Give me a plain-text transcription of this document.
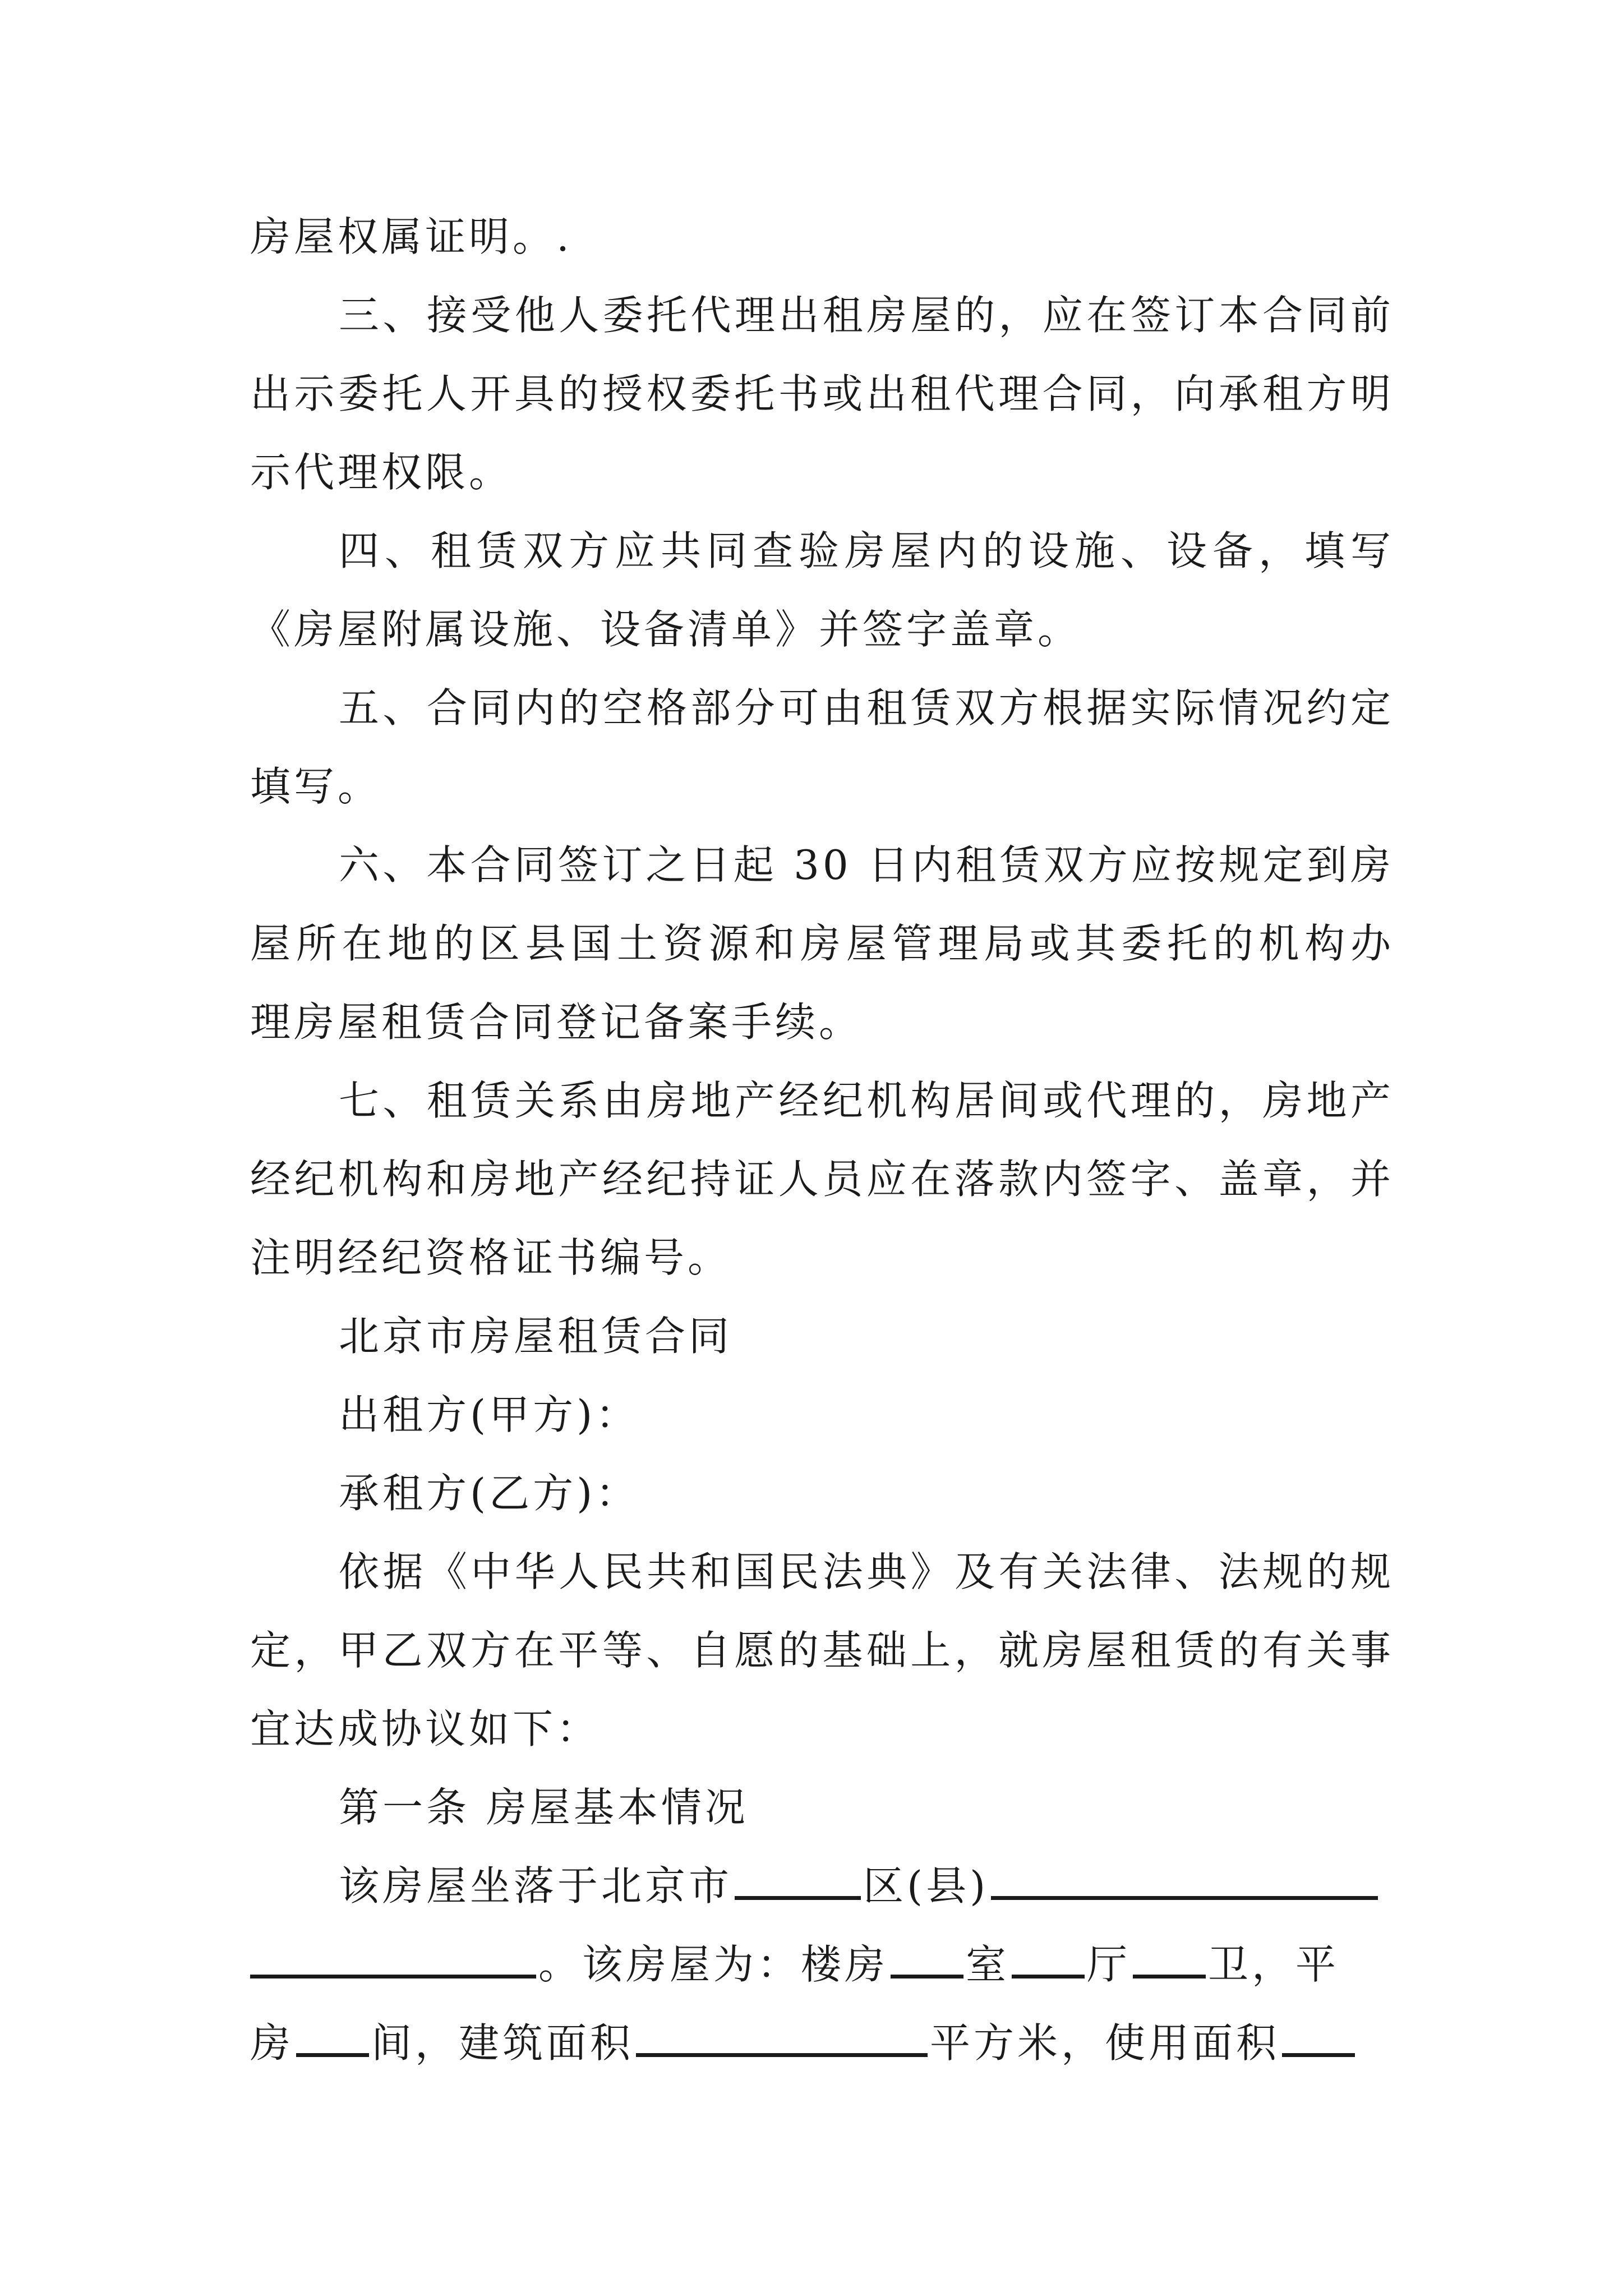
房屋权属证明。.
三、接受他人委托代理出租房屋的，应在签订本合同前
出示委托人开具的授权委托书或出租代理合同，向承租方明
示代理权限。
四、租赁双方应共同查验房屋内的设施、设备，填写
《房屋附属设施、设备清单》并签字盖章。
五、合同内的空格部分可由租赁双方根据实际情况约定
填写。
六、本合同签订之日起 30 日内租赁双方应按规定到房
屋所在地的区县国土资源和房屋管理局或其委托的机构办
理房屋租赁合同登记备案手续。
七、租赁关系由房地产经纪机构居间或代理的，房地产
经纪机构和房地产经纪持证人员应在落款内签字、盖章，并
注明经纪资格证书编号。
北京市房屋租赁合同
出租方(甲方)：
承租方(乙方)：
依据《中华人民共和国民法典》及有关法律、法规的规
定，甲乙双方在平等、自愿的基础上，就房屋租赁的有关事
宜达成协议如下：
第一条 房屋基本情况
该房屋坐落于北京市	区(县)
。该房屋为：楼房 室 厅 卫，平
房 间，建筑面积	平方米，使用面积
